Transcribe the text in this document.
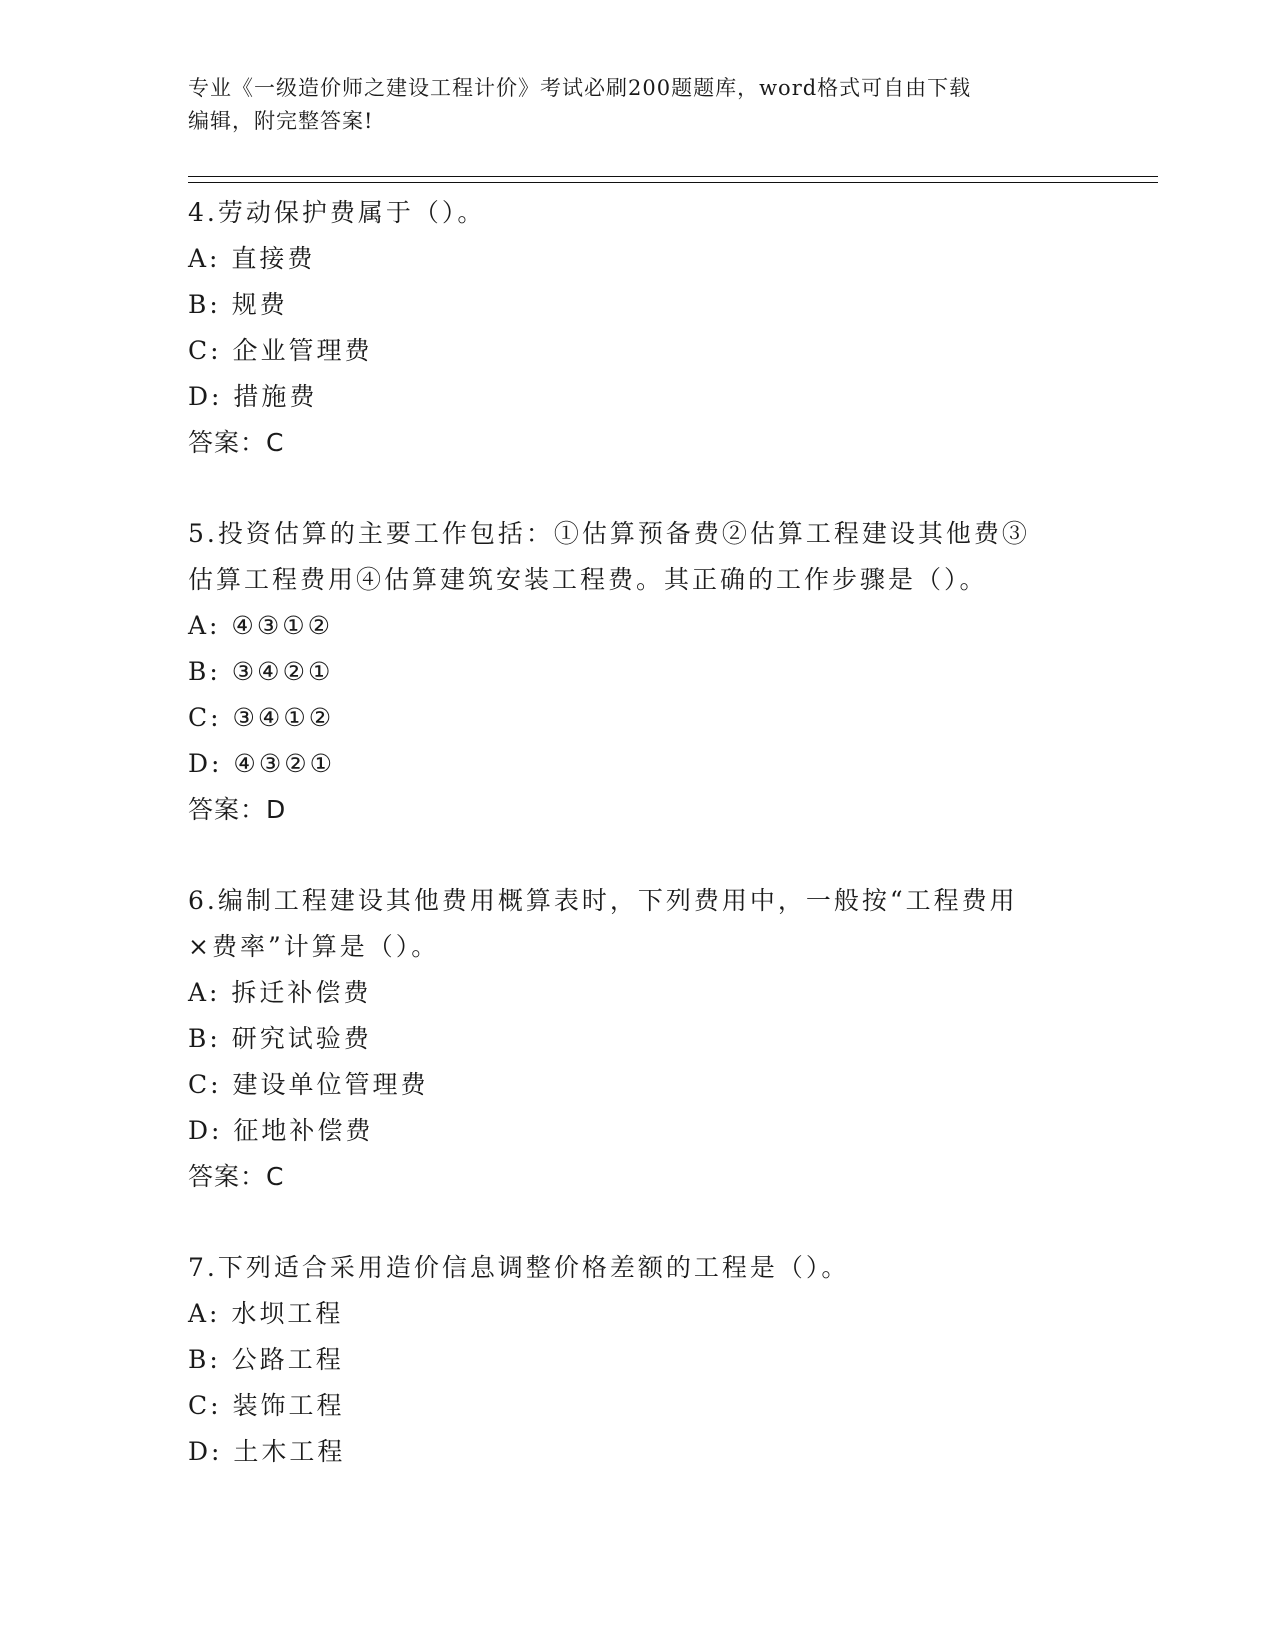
专业《一级造价师之建设工程计价》考试必刷200题题库，word格式可自由下载
编辑，附完整答案!
4.劳动保护费属于（）。
A: 直接费
B: 规费
C: 企业管理费
D: 措施费
答案：C
5.投资估算的主要工作包括：①估算预备费②估算工程建设其他费③
估算工程费用④估算建筑安装工程费。其正确的工作步骤是（）。
A: ④③①②
B: ③④②①
C: ③④①②
D: ④③②①
答案：D
6.编制工程建设其他费用概算表时，下列费用中，一般按“工程费用
×费率”计算是（）。
A: 拆迁补偿费
B: 研究试验费
C: 建设单位管理费
D: 征地补偿费
答案：C
7.下列适合采用造价信息调整价格差额的工程是（）。
A: 水坝工程
B: 公路工程
C: 装饰工程
D: 土木工程
